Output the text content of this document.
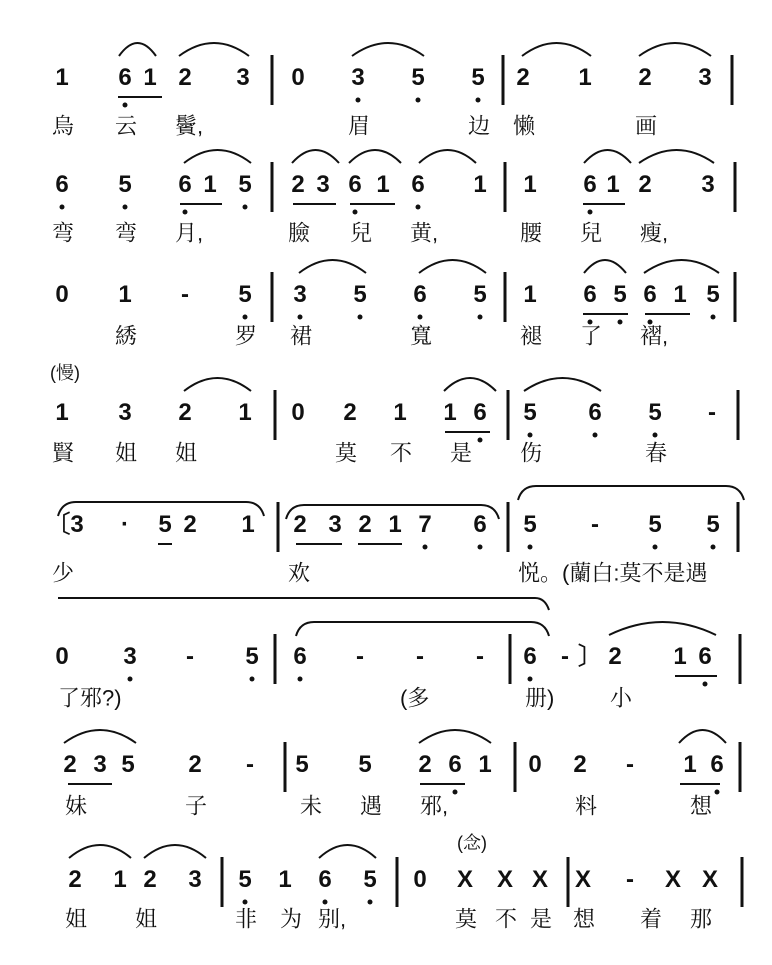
1 6 1 2 3 0 3 5 5 2 1 2 3
烏 云 鬢,	眉	边 懒	画
6 5 6 1 5 2 3 6 1 6 1 1 6 1 2 3
弯 弯 月,	臉 兒 黄,	腰 兒 瘦,
0 1 - 5 3 5 6 5 1 6 5 6 1 5
綉	罗 裙	寬	褪 了 褶,
(慢)
1 3 2 1 0 2 1 1 6 5 6 5 -
賢 姐 姐	莫 不 是 伤	春
〔3 · 5 2 1 2 3 2 1 7 6 5 - 5 5
少	欢	悦。(蘭白:莫不是遇
0 3 - 5 6 - - - 6 - 〕 2 1 6
了邪?)	(多	册)	小
2 3 5 2 - 5 5 2 6 1 0 2 - 1 6
妹	子	未 遇 邪,	料	想
(念)
2 1 2 3 5 1 6 5 0 X X X X - X X
姐 姐	非 为 别,	莫 不 是 想 着 那
